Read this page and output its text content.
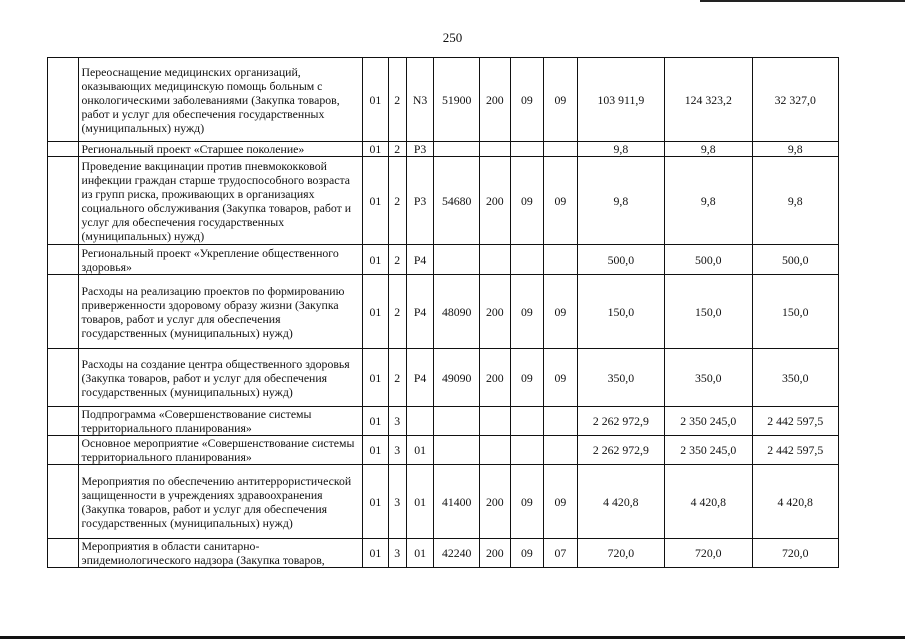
250
	Переоснащение медицинских организаций, оказывающих медицинскую помощь больным с онкологическими заболеваниями (Закупка товаров, работ и услуг для обеспечения государственных (муниципальных) нужд)	01	2	N3	51900	200	09	09	103 911,9	124 323,2	32 327,0
	Региональный проект «Старшее поколение»	01	2	P3					9,8	9,8	9,8
	Проведение вакцинации против пневмококковой инфекции граждан старше трудоспособного возраста из групп риска, проживающих в организациях социального обслуживания (Закупка товаров, работ и услуг для обеспечения государственных (муниципальных) нужд)	01	2	P3	54680	200	09	09	9,8	9,8	9,8
	Региональный проект «Укрепление общественного здоровья»	01	2	P4					500,0	500,0	500,0
	Расходы на реализацию проектов по формированию приверженности здоровому образу жизни (Закупка товаров, работ и услуг для обеспечения государственных (муниципальных) нужд)	01	2	P4	48090	200	09	09	150,0	150,0	150,0
	Расходы на создание центра общественного здоровья (Закупка товаров, работ и услуг для обеспечения государственных (муниципальных) нужд)	01	2	P4	49090	200	09	09	350,0	350,0	350,0
	Подпрограмма «Совершенствование системы территориального планирования»	01	3						2 262 972,9	2 350 245,0	2 442 597,5
	Основное мероприятие «Совершенствование системы территориального планирования»	01	3	01					2 262 972,9	2 350 245,0	2 442 597,5
	Мероприятия по обеспечению антитеррористической защищенности в учреждениях здравоохранения (Закупка товаров, работ и услуг для обеспечения государственных (муниципальных) нужд)	01	3	01	41400	200	09	09	4 420,8	4 420,8	4 420,8
	Мероприятия в области санитарно-эпидемиологического надзора (Закупка товаров,	01	3	01	42240	200	09	07	720,0	720,0	720,0
